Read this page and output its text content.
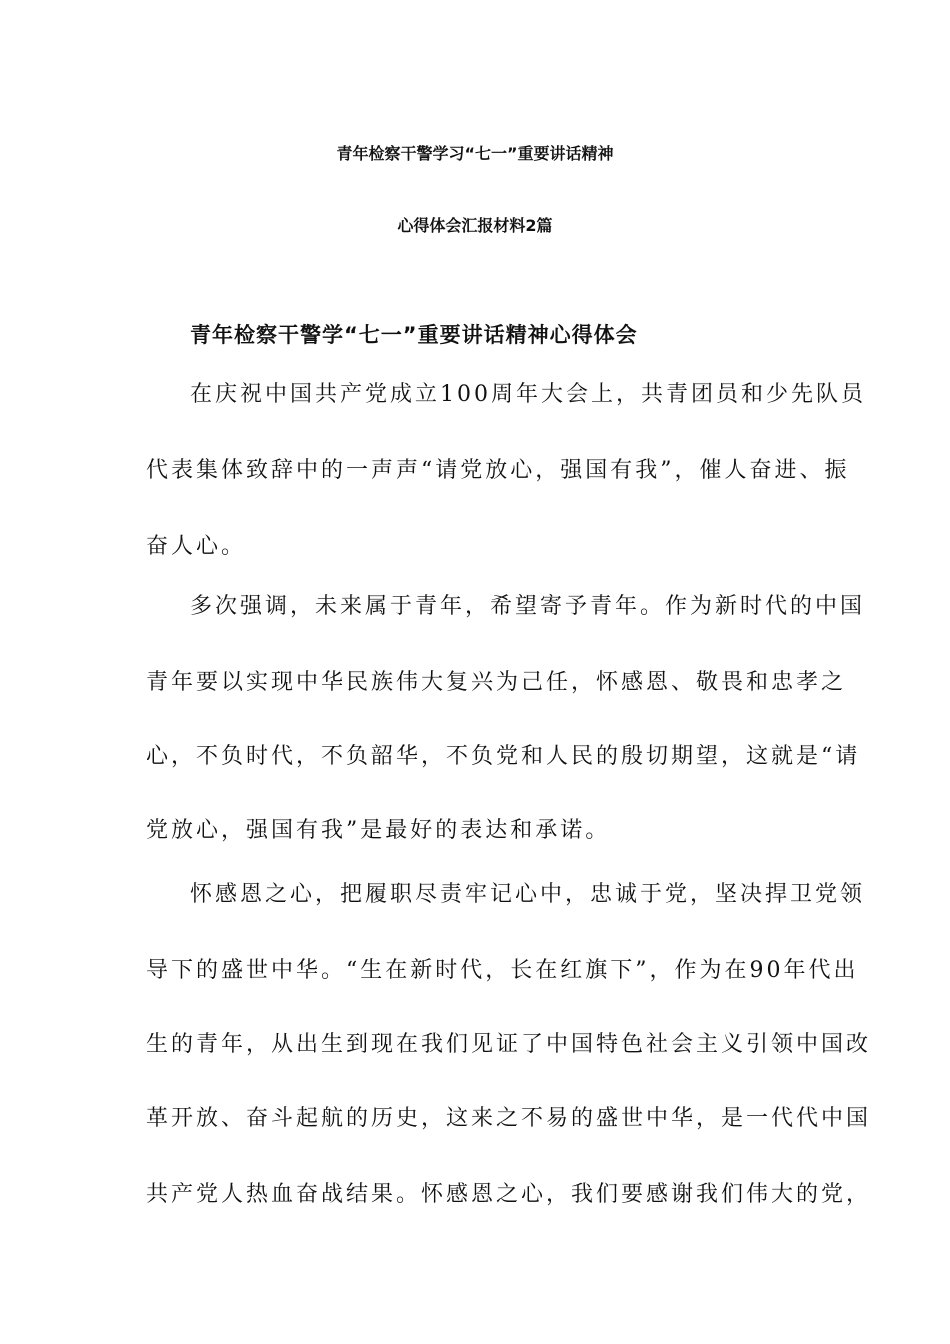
青年检察干警学习“七一”重要讲话精神
心得体会汇报材料2篇
青年检察干警学“七一”重要讲话精神心得体会

在庆祝中国共产党成立100周年大会上，共青团员和少先队员

代表集体致辞中的一声声“请党放心，强国有我”，催人奋进、振

奋人心。

多次强调，未来属于青年，希望寄予青年。作为新时代的中国

青年要以实现中华民族伟大复兴为己任，怀感恩、敬畏和忠孝之

心，不负时代，不负韶华，不负党和人民的殷切期望，这就是“请

党放心，强国有我”是最好的表达和承诺。

怀感恩之心，把履职尽责牢记心中，忠诚于党，坚决捍卫党领

导下的盛世中华。“生在新时代，长在红旗下”，作为在90年代出

生的青年，从出生到现在我们见证了中国特色社会主义引领中国改

革开放、奋斗起航的历史，这来之不易的盛世中华，是一代代中国

共产党人热血奋战结果。怀感恩之心，我们要感谢我们伟大的党，
